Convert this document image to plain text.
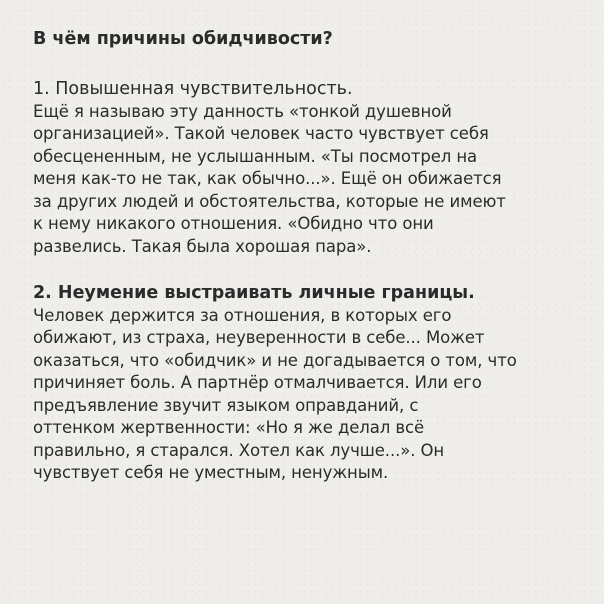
В чём причины обидчивости?
1. Повышенная чувствительность.
Ещё я называю эту данность «тонкой душевной
организацией». Такой человек часто чувствует себя
обесцененным, не услышанным. «Ты посмотрел на
меня как-то не так, как обычно...». Ещё он обижается
за других людей и обстоятельства, которые не имеют
к нему никакого отношения. «Обидно что они
развелись. Такая была хорошая пара».
2. Неумение выстраивать личные границы.
Человек держится за отношения, в которых его
обижают, из страха, неуверенности в себе... Может
оказаться, что «обидчик» и не догадывается о том, что
причиняет боль. А партнёр отмалчивается. Или его
предъявление звучит языком оправданий, с
оттенком жертвенности: «Но я же делал всё
правильно, я старался. Хотел как лучше...». Он
чувствует себя не уместным, ненужным.
